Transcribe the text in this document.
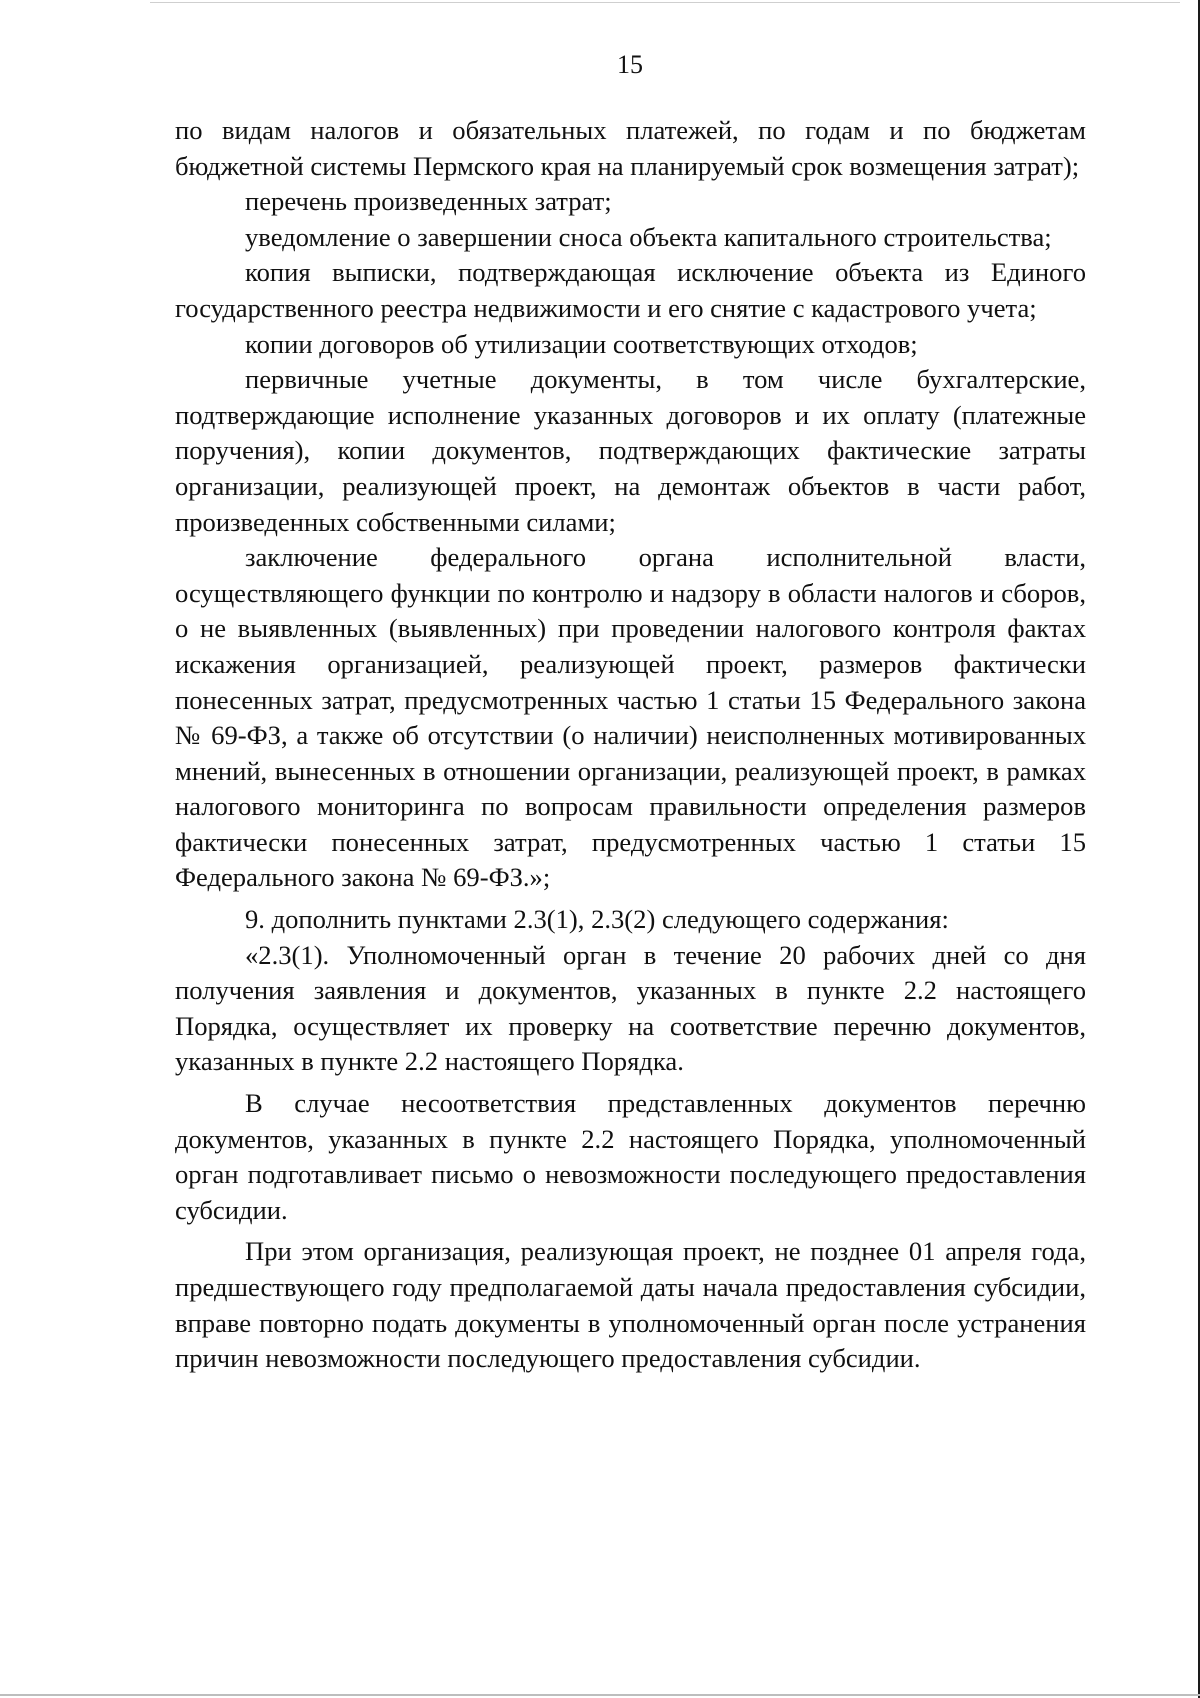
15

по видам налогов и обязательных платежей, по годам и по бюджетам бюджетной системы Пермского края на планируемый срок возмещения затрат);

перечень произведенных затрат;

уведомление о завершении сноса объекта капитального строительства;

копия выписки, подтверждающая исключение объекта из Единого государственного реестра недвижимости и его снятие с кадастрового учета;

копии договоров об утилизации соответствующих отходов;

первичные учетные документы, в том числе бухгалтерские, подтверждающие исполнение указанных договоров и их оплату (платежные поручения), копии документов, подтверждающих фактические затраты организации, реализующей проект, на демонтаж объектов в части работ, произведенных собственными силами;

заключение федерального органа исполнительной власти, осуществляющего функции по контролю и надзору в области налогов и сборов, о не выявленных (выявленных) при проведении налогового контроля фактах искажения организацией, реализующей проект, размеров фактически понесенных затрат, предусмотренных частью 1 статьи 15 Федерального закона № 69-ФЗ, а также об отсутствии (о наличии) неисполненных мотивированных мнений, вынесенных в отношении организации, реализующей проект, в рамках налогового мониторинга по вопросам правильности определения размеров фактически понесенных затрат, предусмотренных частью 1 статьи 15 Федерального закона № 69-ФЗ.»;

9. дополнить пунктами 2.3(1), 2.3(2) следующего содержания:

«2.3(1). Уполномоченный орган в течение 20 рабочих дней со дня получения заявления и документов, указанных в пункте 2.2 настоящего Порядка, осуществляет их проверку на соответствие перечню документов, указанных в пункте 2.2 настоящего Порядка.

В случае несоответствия представленных документов перечню документов, указанных в пункте 2.2 настоящего Порядка, уполномоченный орган подготавливает письмо о невозможности последующего предоставления субсидии.

При этом организация, реализующая проект, не позднее 01 апреля года, предшествующего году предполагаемой даты начала предоставления субсидии, вправе повторно подать документы в уполномоченный орган после устранения причин невозможности последующего предоставления субсидии.
